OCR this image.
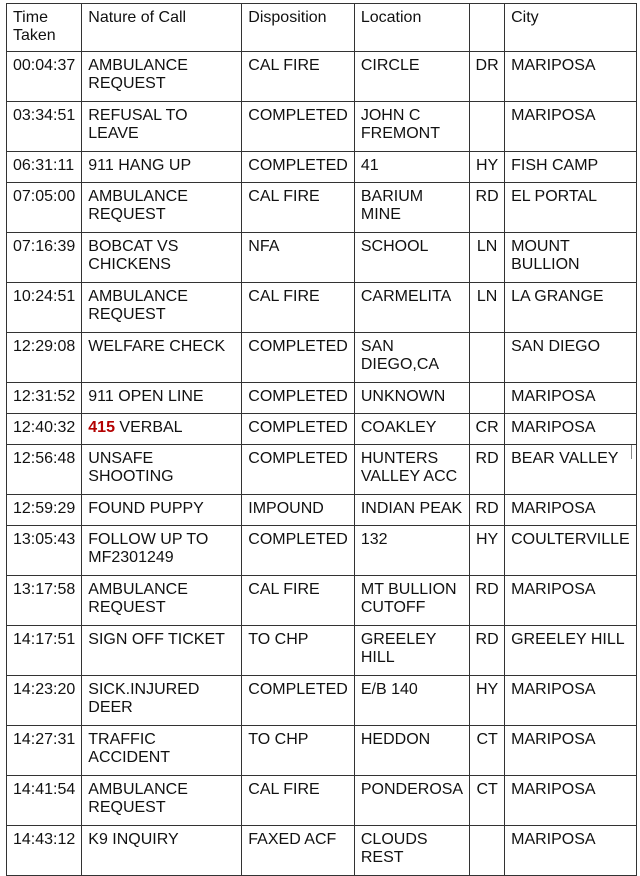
Time Taken	Nature of Call	Disposition	Location		City
00:04:37	AMBULANCE REQUEST	CAL FIRE	CIRCLE	DR	MARIPOSA
03:34:51	REFUSAL TO LEAVE	COMPLETED	JOHN C FREMONT		MARIPOSA
06:31:11	911 HANG UP	COMPLETED	41	HY	FISH CAMP
07:05:00	AMBULANCE REQUEST	CAL FIRE	BARIUM MINE	RD	EL PORTAL
07:16:39	BOBCAT VS CHICKENS	NFA	SCHOOL	LN	MOUNT BULLION
10:24:51	AMBULANCE REQUEST	CAL FIRE	CARMELITA	LN	LA GRANGE
12:29:08	WELFARE CHECK	COMPLETED	SAN DIEGO,CA		SAN DIEGO
12:31:52	911 OPEN LINE	COMPLETED	UNKNOWN		MARIPOSA
12:40:32	415 VERBAL	COMPLETED	COAKLEY	CR	MARIPOSA
12:56:48	UNSAFE SHOOTING	COMPLETED	HUNTERS VALLEY ACC	RD	BEAR VALLEY
12:59:29	FOUND PUPPY	IMPOUND	INDIAN PEAK	RD	MARIPOSA
13:05:43	FOLLOW UP TO MF2301249	COMPLETED	132	HY	COULTERVILLE
13:17:58	AMBULANCE REQUEST	CAL FIRE	MT BULLION CUTOFF	RD	MARIPOSA
14:17:51	SIGN OFF TICKET	TO CHP	GREELEY HILL	RD	GREELEY HILL
14:23:20	SICK.INJURED DEER	COMPLETED	E/B 140	HY	MARIPOSA
14:27:31	TRAFFIC ACCIDENT	TO CHP	HEDDON	CT	MARIPOSA
14:41:54	AMBULANCE REQUEST	CAL FIRE	PONDEROSA	CT	MARIPOSA
14:43:12	K9 INQUIRY	FAXED ACF	CLOUDS REST		MARIPOSA
